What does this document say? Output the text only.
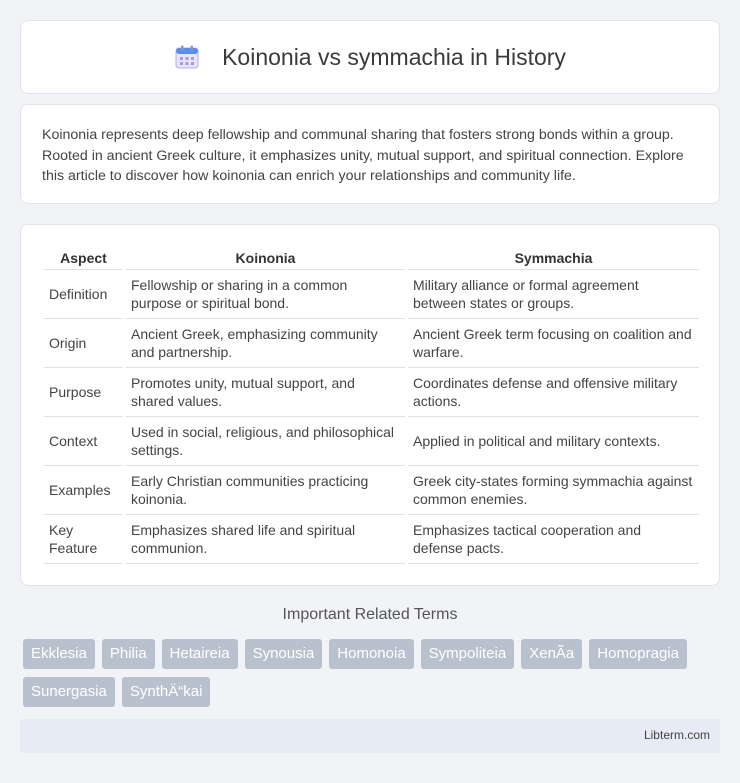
Koinonia vs symmachia in History

Koinonia represents deep fellowship and communal sharing that fosters strong bonds within a group. Rooted in ancient Greek culture, it emphasizes unity, mutual support, and spiritual connection. Explore this article to discover how koinonia can enrich your relationships and community life.

Aspect	Koinonia	Symmachia
Definition	Fellowship or sharing in a common purpose or spiritual bond.	Military alliance or formal agreement between states or groups.
Origin	Ancient Greek, emphasizing community and partnership.	Ancient Greek term focusing on coalition and warfare.
Purpose	Promotes unity, mutual support, and shared values.	Coordinates defense and offensive military actions.
Context	Used in social, religious, and philosophical settings.	Applied in political and military contexts.
Examples	Early Christian communities practicing koinonia.	Greek city-states forming symmachia against common enemies.
Key Feature	Emphasizes shared life and spiritual communion.	Emphasizes tactical cooperation and defense pacts.
Important Related Terms
Ekklesia	Philia	Hetaireia	Synousia	Homonoia	Sympoliteia	XenÃa	Homopragia
Sunergasia	SynthÄ“kai
Libterm.com
